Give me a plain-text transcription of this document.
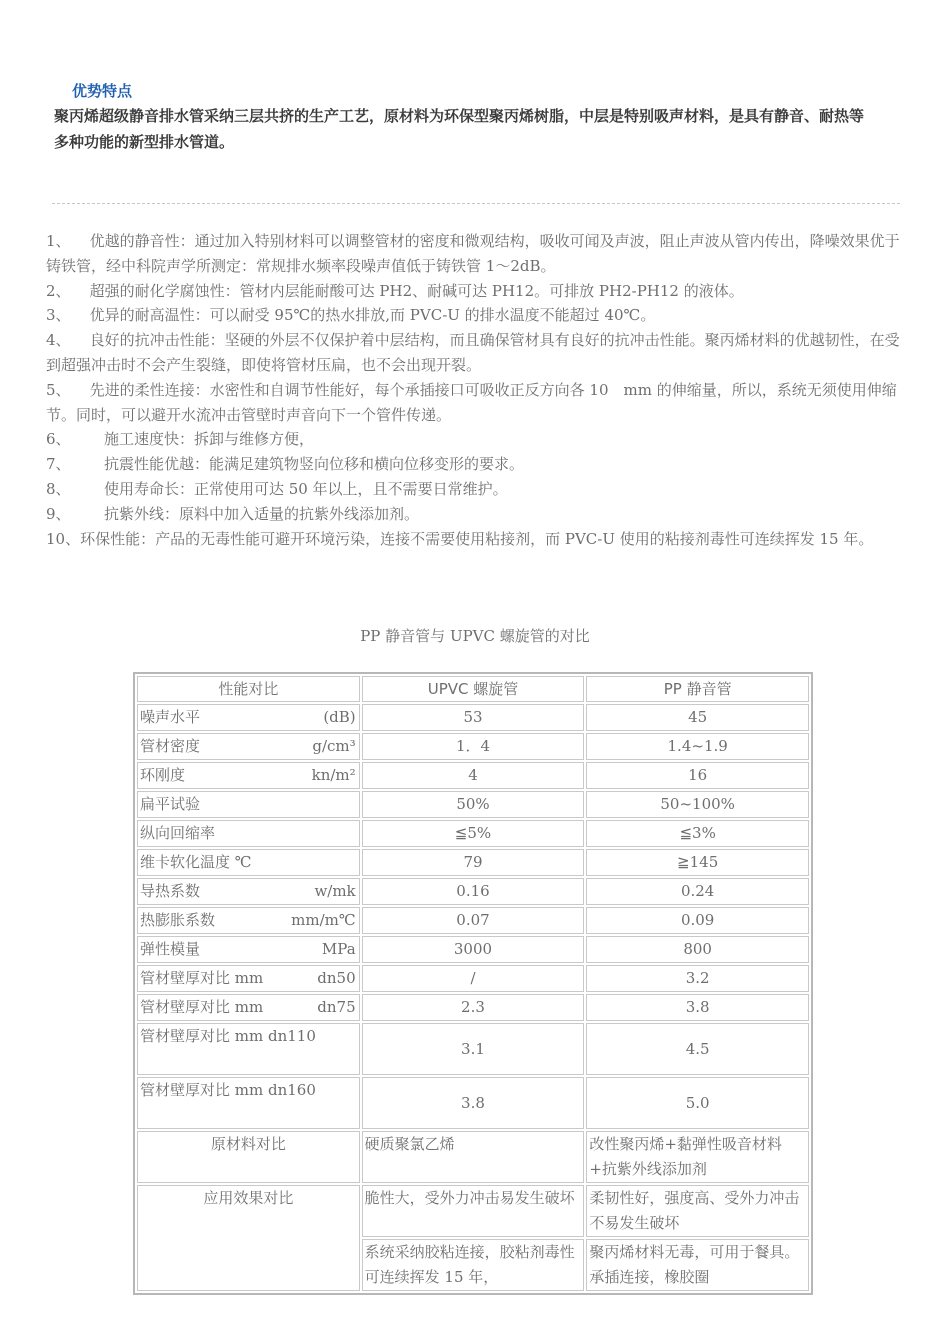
优势特点
聚丙烯超级静音排水管采纳三层共挤的生产工艺，原材料为环保型聚丙烯树脂，中层是特别吸声材料，是具有静音、耐热等多种功能的新型排水管道。

1、 优越的静音性：通过加入特别材料可以调整管材的密度和微观结构，吸收可闻及声波，阻止声波从管内传出，降噪效果优于铸铁管，经中科院声学所测定：常规排水频率段噪声值低于铸铁管 1～2dB。

2、 超强的耐化学腐蚀性：管材内层能耐酸可达 PH2、耐碱可达 PH12。可排放 PH2-PH12 的液体。

3、 优异的耐高温性：可以耐受 95℃的热水排放,而 PVC-U 的排水温度不能超过 40℃。

4、 良好的抗冲击性能：坚硬的外层不仅保护着中层结构，而且确保管材具有良好的抗冲击性能。聚丙烯材料的优越韧性，在受到超强冲击时不会产生裂缝，即使将管材压扁，也不会出现开裂。

5、 先进的柔性连接：水密性和自调节性能好，每个承插接口可吸收正反方向各 10　mm 的伸缩量，所以，系统无须使用伸缩节。同时，可以避开水流冲击管壁时声音向下一个管件传递。

6、 施工速度快：拆卸与维修方便，

7、 抗震性能优越：能满足建筑物竖向位移和横向位移变形的要求。

8、 使用寿命长：正常使用可达 50 年以上，且不需要日常维护。

9、 抗紫外线：原料中加入适量的抗紫外线添加剂。

10、环保性能：产品的无毒性能可避开环境污染，连接不需要使用粘接剂，而 PVC-U 使用的粘接剂毒性可连续挥发 15 年。

PP 静音管与 UPVC 螺旋管的对比
性能对比	UPVC 螺旋管	PP 静音管
噪声水平 (dB)	53	45
管材密度 g/cm³	1．4	1.4~1.9
环刚度 kn/m²	4	16
扁平试验	50%	50~100%
纵向回缩率	≦5%	≦3%
维卡软化温度 ℃	79	≧145
导热系数 w/mk	0.16	0.24
热膨胀系数 mm/m℃	0.07	0.09
弹性模量 MPa	3000	800
管材壁厚对比 mm dn50	/	3.2
管材壁厚对比 mm dn75	2.3	3.8
管材壁厚对比 mm dn110	3.1	4.5
管材壁厚对比 mm dn160	3.8	5.0
原材料对比	硬质聚氯乙烯	改性聚丙烯+黏弹性吸音材料+抗紫外线添加剂
应用效果对比	脆性大，受外力冲击易发生破坏	柔韧性好，强度高、受外力冲击不易发生破坏
	系统采纳胶粘连接，胶粘剂毒性可连续挥发 15 年，	聚丙烯材料无毒，可用于餐具。承插连接，橡胶圈
